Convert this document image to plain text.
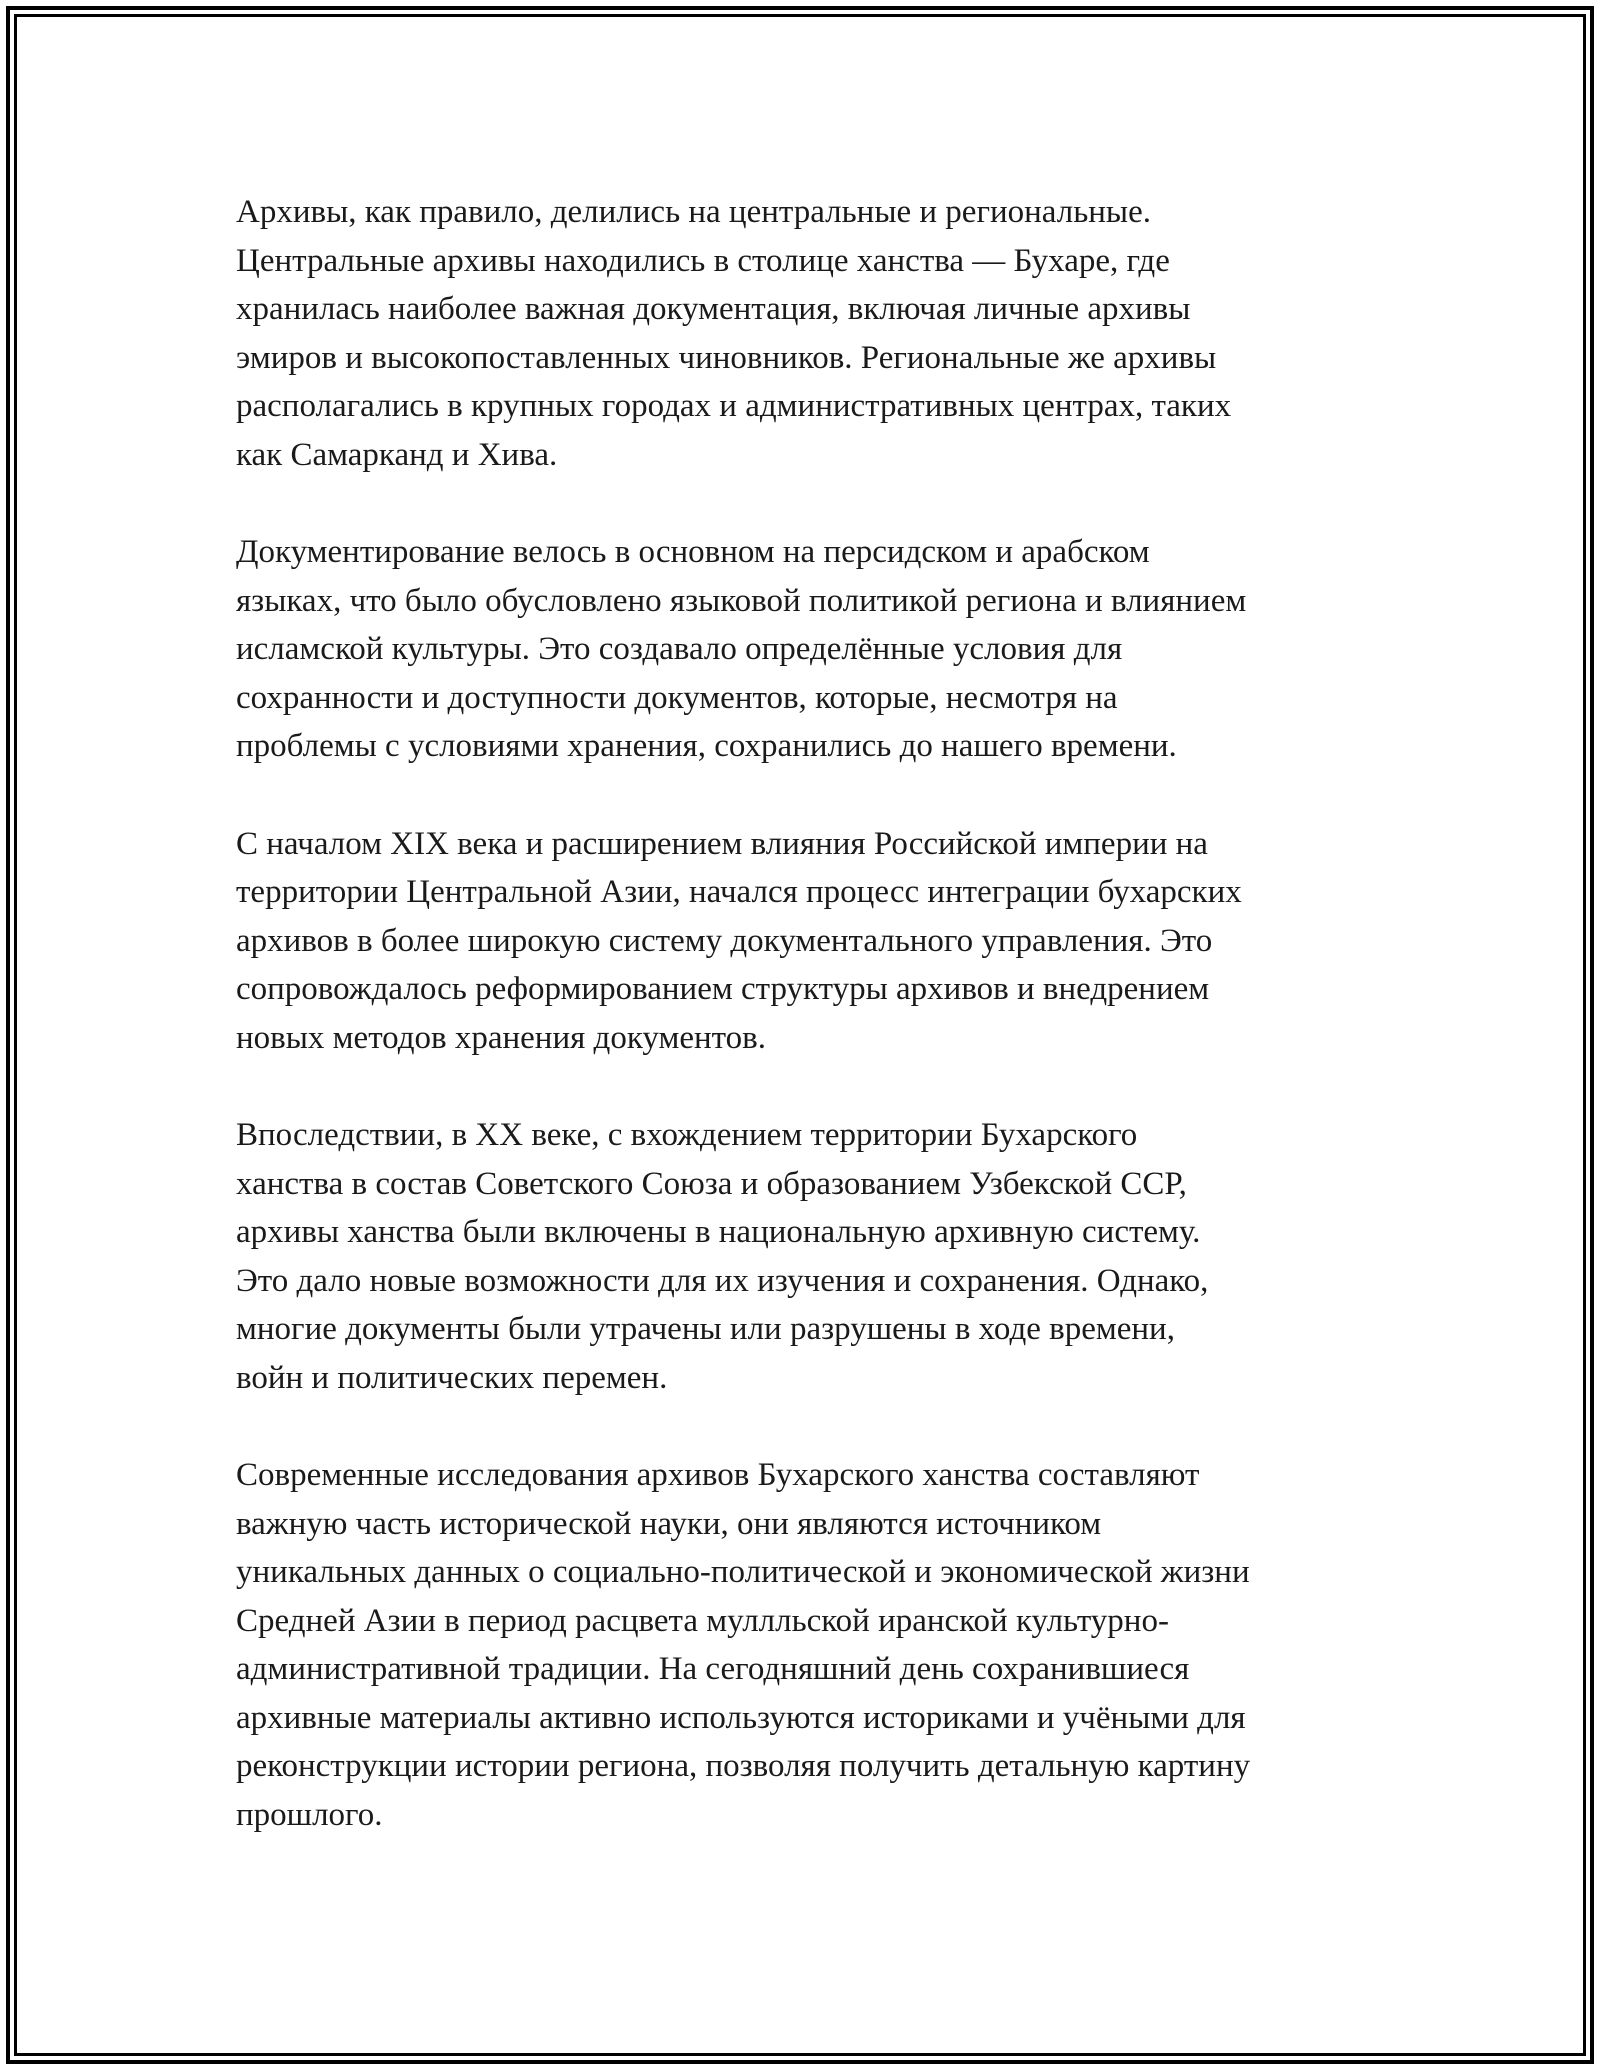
Архивы, как правило, делились на центральные и региональные.
Центральные архивы находились в столице ханства — Бухаре, где
хранилась наиболее важная документация, включая личные архивы
эмиров и высокопоставленных чиновников. Региональные же архивы
располагались в крупных городах и административных центрах, таких
как Самарканд и Хива.

Документирование велось в основном на персидском и арабском
языках, что было обусловлено языковой политикой региона и влиянием
исламской культуры. Это создавало определённые условия для
сохранности и доступности документов, которые, несмотря на
проблемы с условиями хранения, сохранились до нашего времени.

С началом XIX века и расширением влияния Российской империи на
территории Центральной Азии, начался процесс интеграции бухарских
архивов в более широкую систему документального управления. Это
сопровождалось реформированием структуры архивов и внедрением
новых методов хранения документов.

Впоследствии, в XX веке, с вхождением территории Бухарского
ханства в состав Советского Союза и образованием Узбекской ССР,
архивы ханства были включены в национальную архивную систему.
Это дало новые возможности для их изучения и сохранения. Однако,
многие документы были утрачены или разрушены в ходе времени,
войн и политических перемен.

Современные исследования архивов Бухарского ханства составляют
важную часть исторической науки, они являются источником
уникальных данных о социально-политической и экономической жизни
Средней Азии в период расцвета муллльской иранской культурно-
административной традиции. На сегодняшний день сохранившиеся
архивные материалы активно используются историками и учёными для
реконструкции истории региона, позволяя получить детальную картину
прошлого.
